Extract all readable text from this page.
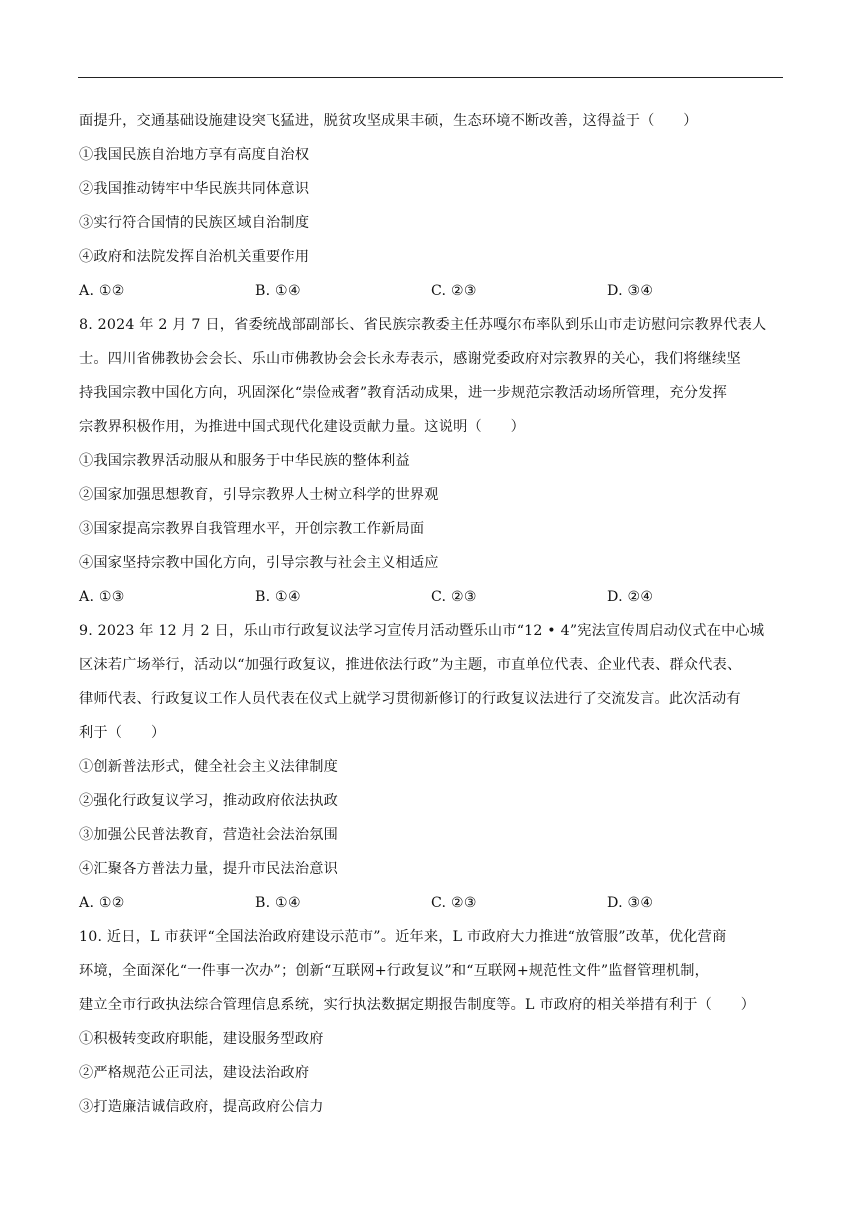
面提升，交通基础设施建设突飞猛进，脱贫攻坚成果丰硕，生态环境不断改善，这得益于（　　）
①我国民族自治地方享有高度自治权
②我国推动铸牢中华民族共同体意识
③实行符合国情的民族区域自治制度
④政府和法院发挥自治机关重要作用
A. ①②	B. ①④	C. ②③	D. ③④
8. 2024 年 2 月 7 日，省委统战部副部长、省民族宗教委主任苏嘎尔布率队到乐山市走访慰问宗教界代表人
士。四川省佛教协会会长、乐山市佛教协会会长永寿表示，感谢党委政府对宗教界的关心，我们将继续坚
持我国宗教中国化方向，巩固深化“崇俭戒奢”教育活动成果，进一步规范宗教活动场所管理，充分发挥
宗教界积极作用，为推进中国式现代化建设贡献力量。这说明（　　）
①我国宗教界活动服从和服务于中华民族的整体利益
②国家加强思想教育，引导宗教界人士树立科学的世界观
③国家提高宗教界自我管理水平，开创宗教工作新局面
④国家坚持宗教中国化方向，引导宗教与社会主义相适应
A. ①③	B. ①④	C. ②③	D. ②④
9. 2023 年 12 月 2 日，乐山市行政复议法学习宣传月活动暨乐山市“12 • 4”宪法宣传周启动仪式在中心城
区沫若广场举行，活动以“加强行政复议，推进依法行政”为主题，市直单位代表、企业代表、群众代表、
律师代表、行政复议工作人员代表在仪式上就学习贯彻新修订的行政复议法进行了交流发言。此次活动有
利于（　　）
①创新普法形式，健全社会主义法律制度
②强化行政复议学习，推动政府依法执政
③加强公民普法教育，营造社会法治氛围
④汇聚各方普法力量，提升市民法治意识
A. ①②	B. ①④	C. ②③	D. ③④
10. 近日，L 市获评“全国法治政府建设示范市”。近年来，L 市政府大力推进“放管服”改革，优化营商
环境，全面深化“一件事一次办”；创新“互联网+行政复议”和“互联网+规范性文件”监督管理机制，
建立全市行政执法综合管理信息系统，实行执法数据定期报告制度等。L 市政府的相关举措有利于（　　）
①积极转变政府职能，建设服务型政府
②严格规范公正司法，建设法治政府
③打造廉洁诚信政府，提高政府公信力
